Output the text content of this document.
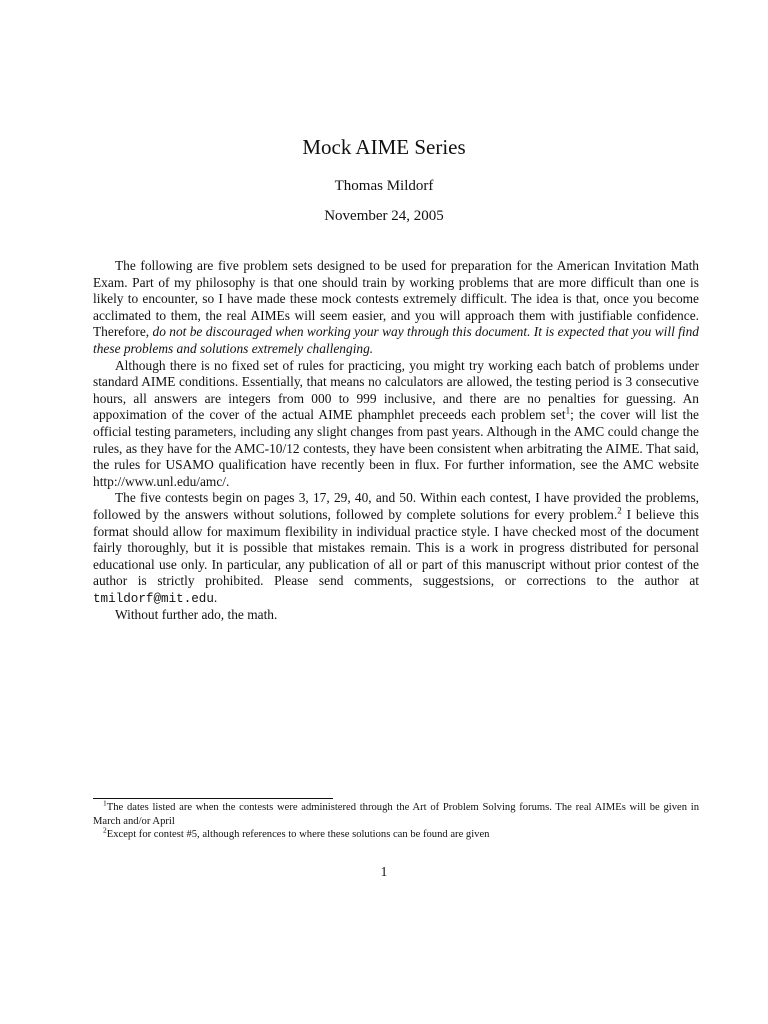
Mock AIME Series
Thomas Mildorf
November 24, 2005

The following are five problem sets designed to be used for preparation for the American Invitation Math Exam. Part of my philosophy is that one should train by working problems that are more difficult than one is likely to encounter, so I have made these mock contests extremely difficult. The idea is that, once you become acclimated to them, the real AIMEs will seem easier, and you will approach them with justifiable confidence. Therefore, do not be discouraged when working your way through this document. It is expected that you will find these problems and solutions extremely challenging.

Although there is no fixed set of rules for practicing, you might try working each batch of problems under standard AIME conditions. Essentially, that means no calculators are allowed, the testing period is 3 consecutive hours, all answers are integers from 000 to 999 inclusive, and there are no penalties for guessing. An appoximation of the cover of the actual AIME phamphlet preceeds each problem set$^1$; the cover will list the official testing parameters, including any slight changes from past years. Although in the AMC could change the rules, as they have for the AMC-10/12 contests, they have been consistent when arbitrating the AIME. That said, the rules for USAMO qualification have recently been in flux. For further information, see the AMC website http://www.unl.edu/amc/.

The five contests begin on pages 3, 17, 29, 40, and 50. Within each contest, I have provided the problems, followed by the answers without solutions, followed by complete solutions for every problem.$^2$ I believe this format should allow for maximum flexibility in individual practice style. I have checked most of the document fairly thoroughly, but it is possible that mistakes remain. This is a work in progress distributed for personal educational use only. In particular, any publication of all or part of this manuscript without prior contest of the author is strictly prohibited. Please send comments, suggestsions, or corrections to the author at tmildorf@mit.edu.

Without further ado, the math.

$^1$The dates listed are when the contests were administered through the Art of Problem Solving forums. The real AIMEs will be given in March and/or April

$^2$Except for contest #5, although references to where these solutions can be found are given

1
